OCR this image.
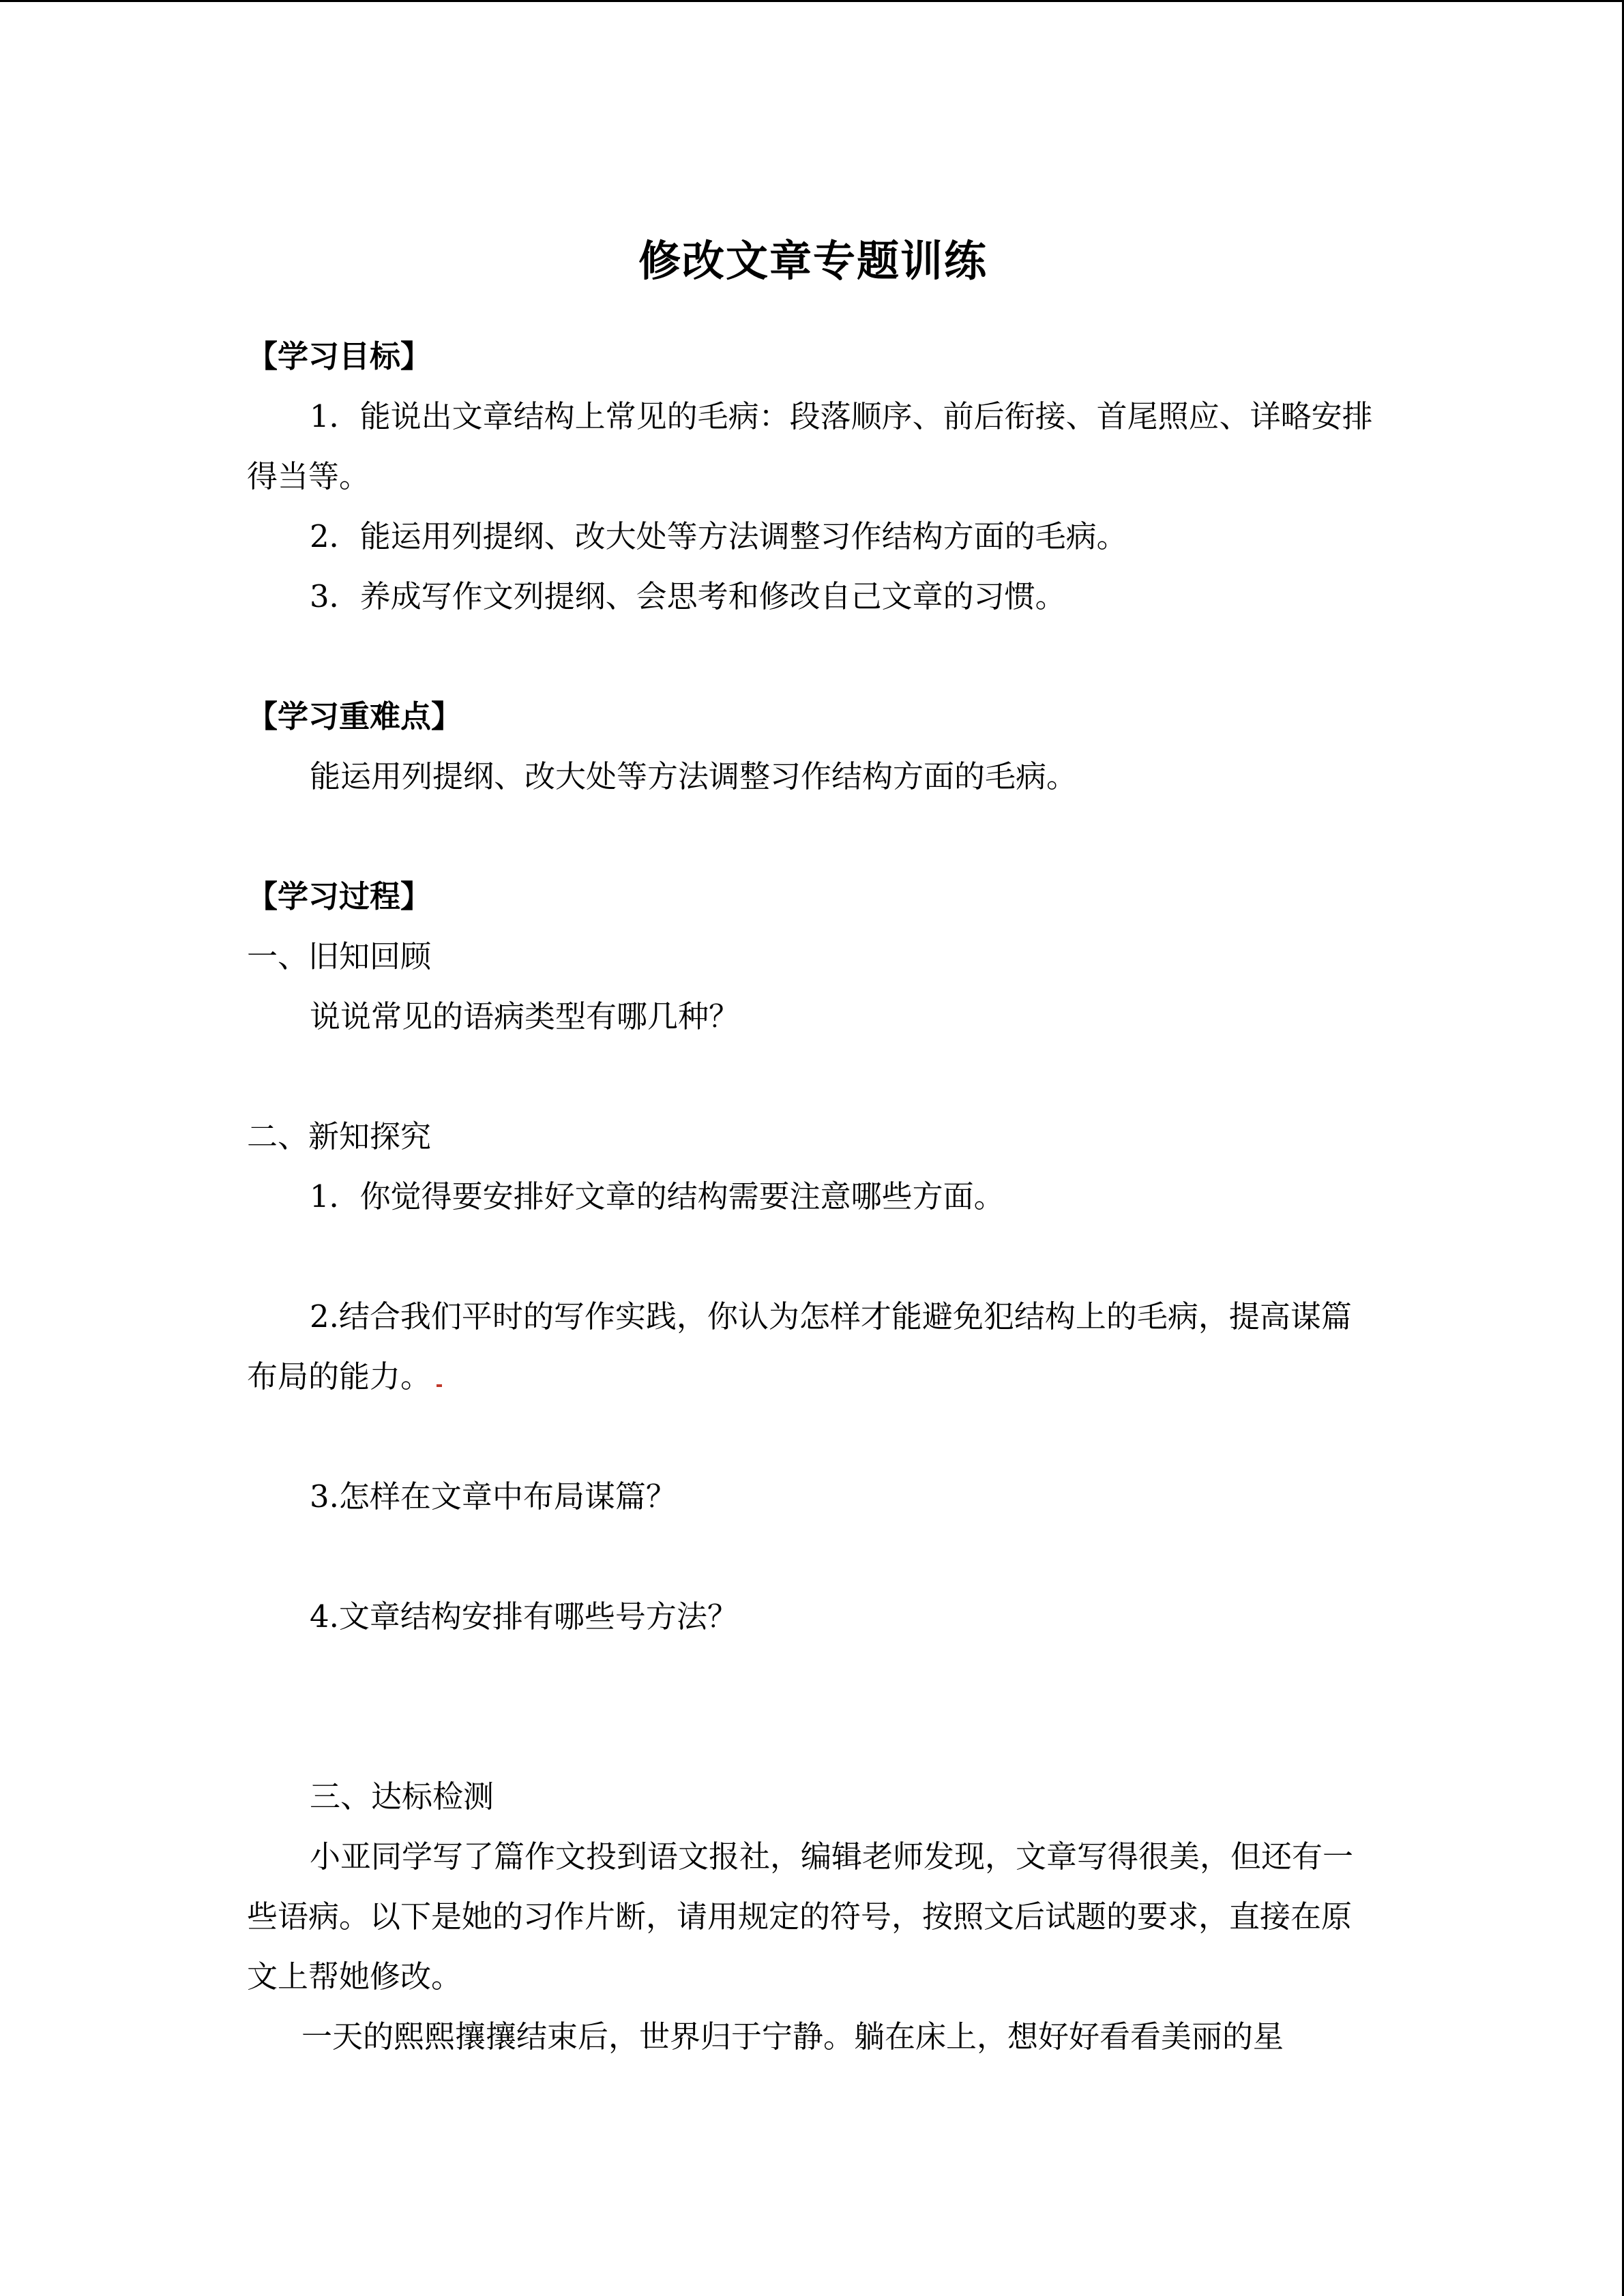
修改文章专题训练

【学习目标】

1．能说出文章结构上常见的毛病：段落顺序、前后衔接、首尾照应、详略安排得当等。

2．能运用列提纲、改大处等方法调整习作结构方面的毛病。

3．养成写作文列提纲、会思考和修改自己文章的习惯。

【学习重难点】

能运用列提纲、改大处等方法调整习作结构方面的毛病。

【学习过程】

一、旧知回顾

说说常见的语病类型有哪几种？

二、新知探究

1．你觉得要安排好文章的结构需要注意哪些方面。

2.结合我们平时的写作实践，你认为怎样才能避免犯结构上的毛病，提高谋篇布局的能力。

3.怎样在文章中布局谋篇？

4.文章结构安排有哪些号方法？

三、达标检测

小亚同学写了篇作文投到语文报社，编辑老师发现，文章写得很美，但还有一些语病。以下是她的习作片断，请用规定的符号，按照文后试题的要求，直接在原文上帮她修改。

一天的熙熙攘攘结束后，世界归于宁静。躺在床上，想好好看看美丽的星
